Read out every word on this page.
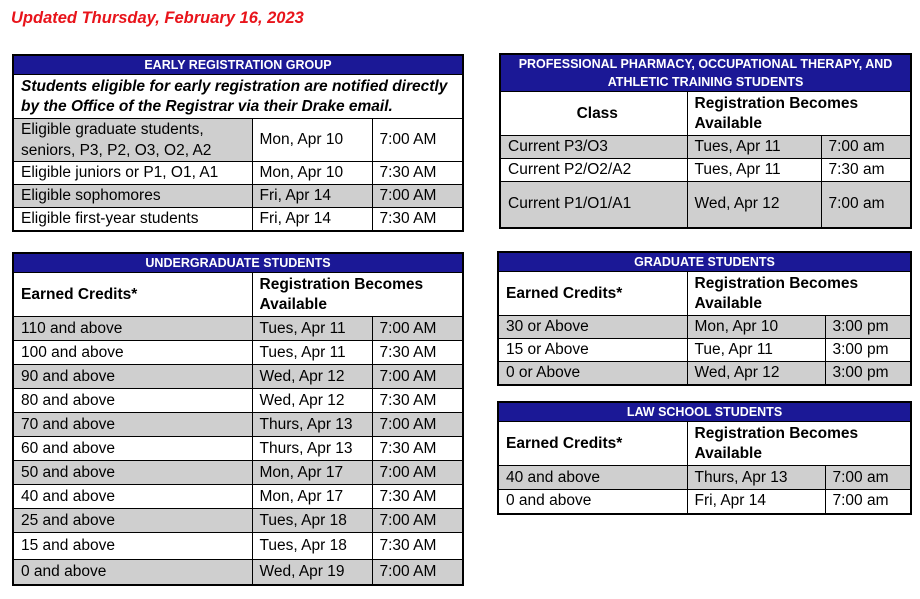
Updated Thursday, February 16, 2023
EARLY REGISTRATION GROUP		
Students eligible for early registration are notified directly by the Office of the Registrar via their Drake email.		
Eligible graduate students, seniors, P3, P2, O3, O2, A2	Mon, Apr 10	7:00 AM
Eligible juniors or P1, O1, A1	Mon, Apr 10	7:30 AM
Eligible sophomores	Fri, Apr 14	7:00 AM
Eligible first-year students	Fri, Apr 14	7:30 AM
UNDERGRADUATE STUDENTS		
Earned Credits*	Registration Becomes Available	
110 and above	Tues, Apr 11	7:00 AM
100 and above	Tues, Apr 11	7:30 AM
90 and above	Wed, Apr 12	7:00 AM
80 and above	Wed, Apr 12	7:30 AM
70 and above	Thurs, Apr 13	7:00 AM
60 and above	Thurs, Apr 13	7:30 AM
50 and above	Mon, Apr 17	7:00 AM
40 and above	Mon, Apr 17	7:30 AM
25 and above	Tues, Apr 18	7:00 AM
15 and above	Tues, Apr 18	7:30 AM
0 and above	Wed, Apr 19	7:00 AM
PROFESSIONAL PHARMACY, OCCUPATIONAL THERAPY, AND ATHLETIC TRAINING STUDENTS		
Class	Registration Becomes Available	
Current P3/O3	Tues, Apr 11	7:00 am
Current P2/O2/A2	Tues, Apr 11	7:30 am
Current P1/O1/A1	Wed, Apr 12	7:00 am
GRADUATE STUDENTS		
Earned Credits*	Registration Becomes Available	
30 or Above	Mon, Apr 10	3:00 pm
15 or Above	Tue, Apr 11	3:00 pm
0 or Above	Wed, Apr 12	3:00 pm
LAW SCHOOL STUDENTS		
Earned Credits*	Registration Becomes Available	
40 and above	Thurs, Apr 13	7:00 am
0 and above	Fri, Apr 14	7:00 am
